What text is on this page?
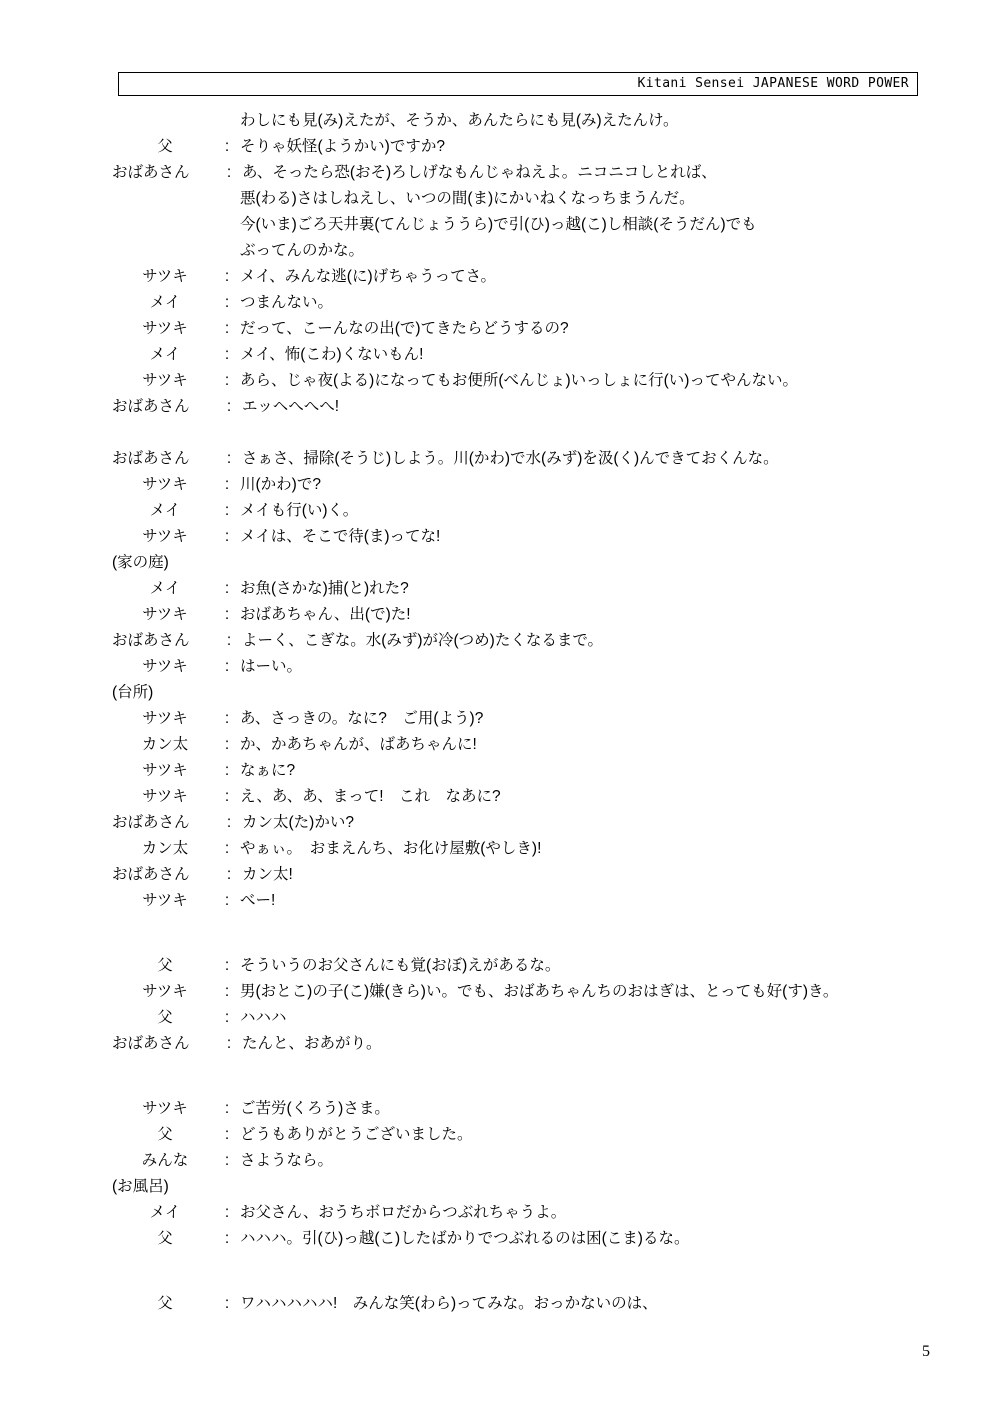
Kitani Sensei JAPANESE WORD POWER
わしにも見(み)えたが、そうか、あんたらにも見(み)えたんけ。
父	: そりゃ妖怪(ようかい)ですか?
おばあさん	: あ、そったら恐(おそ)ろしげなもんじゃねえよ。ニコニコしとれば、
悪(わる)さはしねえし、いつの間(ま)にかいねくなっちまうんだ。
今(いま)ごろ天井裏(てんじょううら)で引(ひ)っ越(こ)し相談(そうだん)でも
ぶってんのかな。
サツキ	: メイ、みんな逃(に)げちゃうってさ。
メイ	: つまんない。
サツキ	: だって、こーんなの出(で)てきたらどうするの?
メイ	: メイ、怖(こわ)くないもん!
サツキ	: あら、じゃ夜(よる)になってもお便所(べんじょ)いっしょに行(い)ってやんない。
おばあさん	: エッヘへへへ!
おばあさん	: さぁさ、掃除(そうじ)しよう。川(かわ)で水(みず)を汲(く)んできておくんな。
サツキ	: 川(かわ)で?
メイ	: メイも行(い)く。
サツキ	: メイは、そこで待(ま)ってな!
(家の庭)
メイ	: お魚(さかな)捕(と)れた?
サツキ	: おばあちゃん、出(で)た!
おばあさん	: よーく、こぎな。水(みず)が冷(つめ)たくなるまで。
サツキ	: はーい。
(台所)
サツキ	: あ、さっきの。なに?　ご用(よう)?
カン太	: か、かあちゃんが、ばあちゃんに!
サツキ	: なぁに?
サツキ	: え、あ、あ、まって!　これ　なあに?
おばあさん	: カン太(た)かい?
カン太	: やぁぃ。　おまえんち、お化け屋敷(やしき)!
おばあさん	: カン太!
サツキ	: べー!
父	: そういうのお父さんにも覚(おぼ)えがあるな。
サツキ	: 男(おとこ)の子(こ)嫌(きら)い。でも、おばあちゃんちのおはぎは、とっても好(す)き。
父	: ハハハ
おばあさん	: たんと、おあがり。
サツキ	: ご苦労(くろう)さま。
父	: どうもありがとうございました。
みんな	: さようなら。
(お風呂)
メイ	: お父さん、おうちボロだからつぶれちゃうよ。
父	: ハハハ。引(ひ)っ越(こ)したばかりでつぶれるのは困(こま)るな。
父	: ワハハハハハ!　みんな笑(わら)ってみな。おっかないのは、
5
